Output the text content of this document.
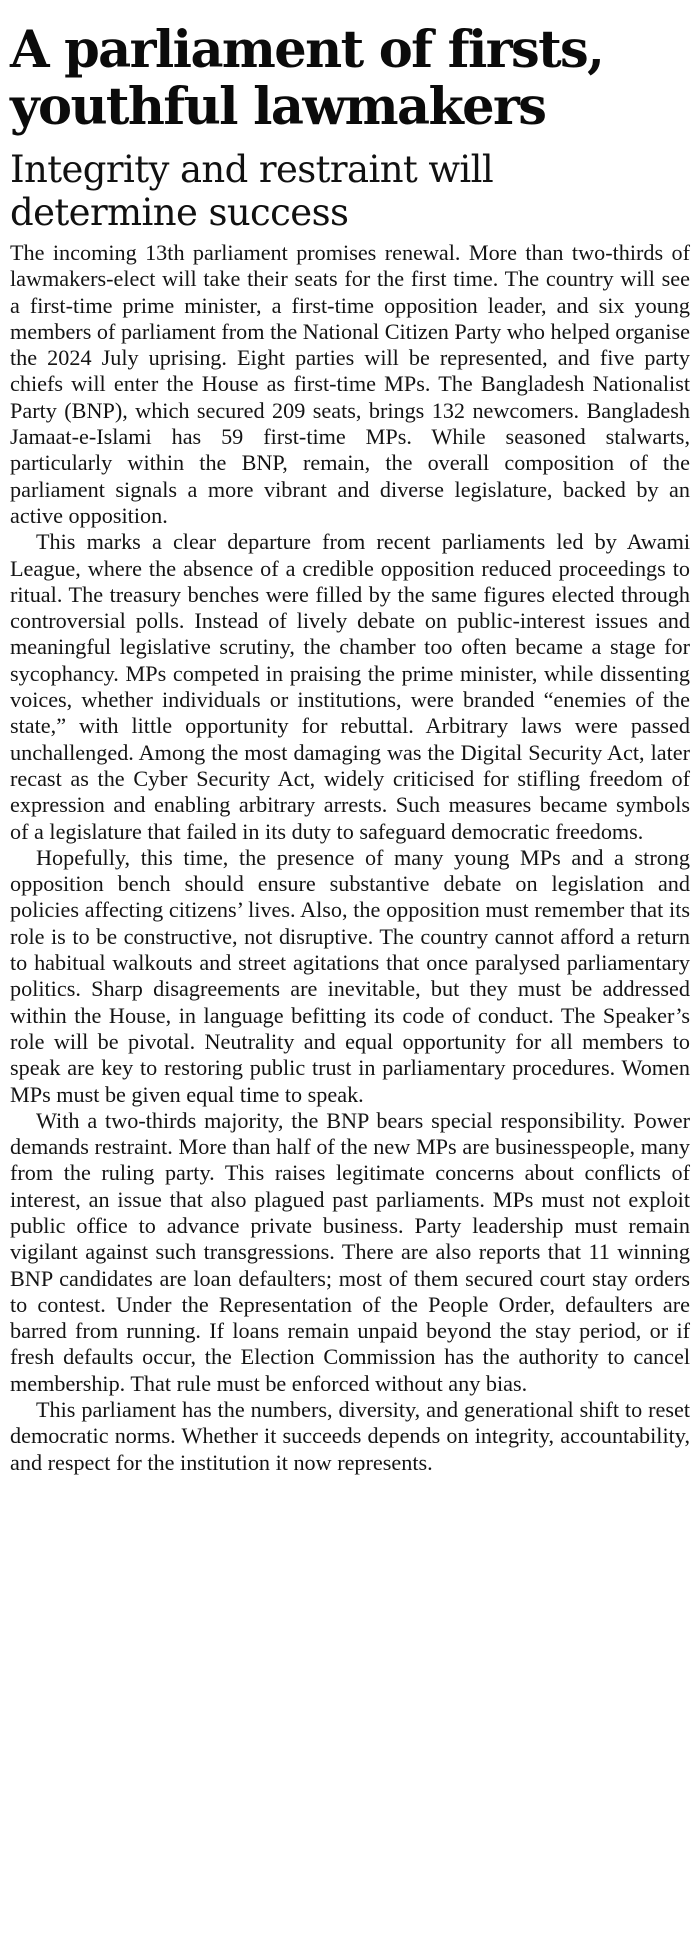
A parliament of firsts, youthful lawmakers
Integrity and restraint will determine success

The incoming 13th parliament promises renewal. More than two-thirds of lawmakers-elect will take their seats for the first time. The country will see a first-time prime minister, a first-time opposition leader, and six young members of parliament from the National Citizen Party who helped organise the 2024 July uprising. Eight parties will be represented, and five party chiefs will enter the House as first-time MPs. The Bangladesh Nationalist Party (BNP), which secured 209 seats, brings 132 newcomers. Bangladesh Jamaat-e-Islami has 59 first-time MPs. While seasoned stalwarts, particularly within the BNP, remain, the overall composition of the parliament signals a more vibrant and diverse legislature, backed by an active opposition.

This marks a clear departure from recent parliaments led by Awami League, where the absence of a credible opposition reduced proceedings to ritual. The treasury benches were filled by the same figures elected through controversial polls. Instead of lively debate on public-interest issues and meaningful legislative scrutiny, the chamber too often became a stage for sycophancy. MPs competed in praising the prime minister, while dissenting voices, whether individuals or institutions, were branded “enemies of the state,” with little opportunity for rebuttal. Arbitrary laws were passed unchallenged. Among the most damaging was the Digital Security Act, later recast as the Cyber Security Act, widely criticised for stifling freedom of expression and enabling arbitrary arrests. Such measures became symbols of a legislature that failed in its duty to safeguard democratic freedoms.

Hopefully, this time, the presence of many young MPs and a strong opposition bench should ensure substantive debate on legislation and policies affecting citizens’ lives. Also, the opposition must remember that its role is to be constructive, not disruptive. The country cannot afford a return to habitual walkouts and street agitations that once paralysed parliamentary politics. Sharp disagreements are inevitable, but they must be addressed within the House, in language befitting its code of conduct. The Speaker’s role will be pivotal. Neutrality and equal opportunity for all members to speak are key to restoring public trust in parliamentary procedures. Women MPs must be given equal time to speak.

With a two-thirds majority, the BNP bears special responsibility. Power demands restraint. More than half of the new MPs are businesspeople, many from the ruling party. This raises legitimate concerns about conflicts of interest, an issue that also plagued past parliaments. MPs must not exploit public office to advance private business. Party leadership must remain vigilant against such transgressions. There are also reports that 11 winning BNP candidates are loan defaulters; most of them secured court stay orders to contest. Under the Representation of the People Order, defaulters are barred from running. If loans remain unpaid beyond the stay period, or if fresh defaults occur, the Election Commission has the authority to cancel membership. That rule must be enforced without any bias.

This parliament has the numbers, diversity, and generational shift to reset democratic norms. Whether it succeeds depends on integrity, accountability, and respect for the institution it now represents.
